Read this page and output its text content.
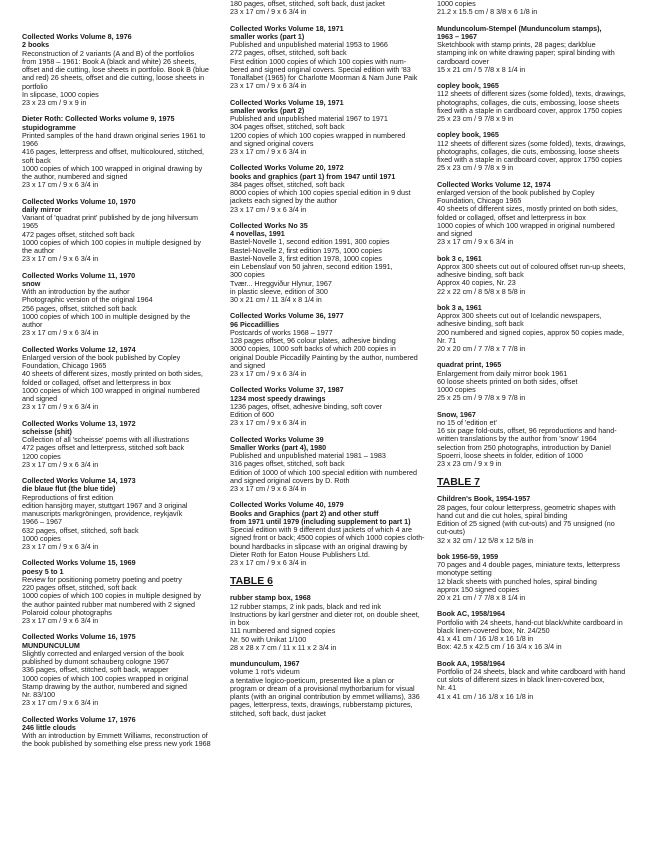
Collected Works Volume 8, 1976
2 books
Reconstruction of 2 variants (A and B) of the portfolios
from 1958 – 1961: Book A (black and white) 26 sheets,
offset and die cutting, lose sheets in portfolio. Book B (blue
and red) 26 sheets, offset and die cutting, loose sheets in
portfolio
In slipcase, 1000 copies
23 x 23 cm / 9 x 9 in
Dieter Roth: Collected Works volume 9, 1975
stupidogramme
Printed samples of the hand drawn original series 1961 to
1966
416 pages, letterpress and offset, multicoloured, stitched,
soft back
1000 copies of which 100 wrapped in original drawing by
the author, numbered and signed
23 x 17 cm / 9 x 6 3/4 in
Collected Works Volume 10, 1970
daily mirror
Variant of 'quadrat print' published by de jong hilversum
1965
472 pages offset, stitched soft back
1000 copies of which 100 copies in multiple designed by
the author
23 x 17 cm / 9 x 6 3/4 in
Collected Works Volume 11, 1970
snow
With an introduction by the author
Photographic version of the original 1964
256 pages, offset, stitched soft back
1000 copies of which 100 in multiple designed by the
author
23 x 17 cm / 9 x 6 3/4 in
Collected Works Volume 12, 1974
Enlarged version of the book published by Copley
Foundation, Chicago 1965
40 sheets of different sizes, mostly printed on both sides,
folded or collaged, offset and letterpress in box
1000 copies of which 100 wrapped in original numbered
and signed
23 x 17 cm / 9 x 6 3/4 in
Collected Works Volume 13, 1972
scheisse (shit)
Collection of all 'scheisse' poems with all illustrations
472 pages offset and letterpress, stitched soft back
1200 copies
23 x 17 cm / 9 x 6 3/4 in
Collected Works Volume 14, 1973
die blaue flut (the blue tide)
Reproductions of first edition
edition hansjörg mayer, stuttgart 1967 and 3 original
manuscripts markgröningen, providence, reykjavík
1966 – 1967
632 pages, offset, stitched, soft back
1000 copies
23 x 17 cm / 9 x 6 3/4 in
Collected Works Volume 15, 1969
poesy 5 to 1
Review for positioning pometry poeting and poetry
220 pages offset, stitched, soft back
1000 copies of which 100 copies in multiple designed by
the author painted rubber mat numbered with 2 signed
Polaroid colour photographs
23 x 17 cm / 9 x 6 3/4 in
Collected Works Volume 16, 1975
MUNDUNCULUM
Slightly corrected and enlarged version of the book
published by dumont schauberg cologne 1967
336 pages, offset, stitched, soft back, wrapper
1000 copies of which 100 copies wrapped in original
Stamp drawing by the author, numbered and signed
Nr. 83/100
23 x 17 cm / 9 x 6 3/4 in
Collected Works Volume 17, 1976
246 little clouds
With an introduction by Emmett Williams, reconstruction of
the book published by something else press new york 1968
180 pages, offset, stitched, soft back, dust jacket
23 x 17 cm / 9 x 6 3/4 in
Collected Works Volume 18, 1971
smaller works (part 1)
Published and unpublished material 1953 to 1966
272 pages, offset, stitched, soft back
First edition 1000 copies of which 100 copies with num-
bered and signed original covers. Special edition with '83
Tonalfabet (1965) for Charlotte Moorman & Nam June Paik
23 x 17 cm / 9 x 6 3/4 in
Collected Works Volume 19, 1971
smaller works (part 2)
Published and unpublished material 1967 to 1971
304 pages offset, stitched, soft back
1200 copies of which 100 copies wrapped in numbered
and signed original covers
23 x 17 cm / 9 x 6 3/4 in
Collected Works Volume 20, 1972
books and graphics (part 1) from 1947 until 1971
384 pages offset, stitched, soft back
8000 copies of which 100 copies special edition in 9 dust
jackets each signed by the author
23 x 17 cm / 9 x 6 3/4 in
Collected Works No 35
4 novellas, 1991
Bastel-Novelle 1, second edition 1991, 300 copies
Bastel-Novelle 2, first edition 1975, 1000 copies
Bastel-Novelle 3, first edition 1978, 1000 copies
ein Lebenslauf von 50 jahren, second edition 1991,
300 copies
Tvær... Hreggviður Hlynur, 1967
in plastic sleeve, edition of 300
30 x 21 cm / 11 3/4 x 8 1/4 in
Collected Works Volume 36, 1977
96 Piccadillies
Postcards of works 1968 – 1977
128 pages offset, 96 colour plates, adhesive binding
3000 copies, 1000 soft backs of which 200 copies in
original Double Piccadilly Painting by the author, numbered
and signed
23 x 17 cm / 9 x 6 3/4 in
Collected Works Volume 37, 1987
1234 most speedy drawings
1236 pages, offset, adhesive binding, soft cover
Edition of 600
23 x 17 cm / 9 x 6 3/4 in
Collected Works Volume 39
Smaller Works (part 4), 1980
Published and unpublished material 1981 – 1983
316 pages offset, stitched, soft back
Edition of 1000 of which 100 special edition with numbered
and signed original covers by D. Roth
23 x 17 cm / 9 x 6 3/4 in
Collected Works Volume 40, 1979
Books and Graphics (part 2) and other stuff
from 1971 until 1979 (including supplement to part 1)
Special edition with 9 different dust jackets of which 4 are
signed front or back; 4500 copies of which 1000 copies cloth-
bound hardbacks in slipcase with an original drawing by
Dieter Roth for Eaton House Publishers Ltd.
23 x 17 cm / 9 x 6 3/4 in
TABLE 6
rubber stamp box, 1968
12 rubber stamps, 2 ink pads, black and red ink
Instructions by karl gerstner and dieter rot, on double sheet,
in box
111 numbered and signed copies
Nr. 50 with Unikat 1/100
28 x 28 x 7 cm / 11 x 11 x 2 3/4 in
mundunculum, 1967
volume 1 rot's videum
a tentative logico-poeticum, presented like a plan or
program or dream of a provisional mythorbarium for visual
plants (with an original contribution by emmet williams), 336
pages, letterpress, texts, drawings, rubberstamp pictures,
stitched, soft back, dust jacket
1000 copies
21.2 x 15.5 cm / 8 3/8 x 6 1/8 in
Munduncolum-Stempel (Munduncolum stamps),
1963 – 1967
Sketchbook with stamp prints, 28 pages; darkblue
stamping ink on white drawing paper; spiral binding with
cardboard cover
15 x 21 cm / 5 7/8 x 8 1/4 in
copley book, 1965
112 sheets of different sizes (some folded), texts, drawings,
photographs, collages, die cuts, embossing, loose sheets
fixed with a staple in cardboard cover, approx 1750 copies
25 x 23 cm / 9 7/8 x 9 in
copley book, 1965
112 sheets of different sizes (some folded), texts, drawings,
photographs, collages, die cuts, embossing, loose sheets
fixed with a staple in cardboard cover, approx 1750 copies
25 x 23 cm / 9 7/8 x 9 in
Collected Works Volume 12, 1974
enlarged version of the book published by Copley
Foundation, Chicago 1965
40 sheets of different sizes, mostly printed on both sides,
folded or collaged, offset and letterpress in box
1000 copies of which 100 wrapped in original numbered
and signed
23 x 17 cm / 9 x 6 3/4 in
bok 3 c, 1961
Approx 300 sheets cut out of coloured offset run-up sheets,
adhesive binding, soft back
Approx 40 copies, Nr. 23
22 x 22 cm / 8 5/8 x 8 5/8 in
bok 3 a, 1961
Approx 300 sheets cut out of Icelandic newspapers,
adhesive binding, soft back
200 numbered and signed copies, approx 50 copies made,
Nr. 71
20 x 20 cm / 7 7/8 x 7 7/8 in
quadrat print, 1965
Enlargement from daily mirror book 1961
60 loose sheets printed on both sides, offset
1000 copies
25 x 25 cm / 9 7/8 x 9 7/8 in
Snow, 1967
no 15 of 'edition et'
16 six page fold-outs, offset, 96 reproductions and hand-
written translations by the author from 'snow' 1964
selection from 250 photographs, introduction by Daniel
Spoerri, loose sheets in folder, edition of 1000
23 x 23 cm / 9 x 9 in
TABLE 7
Children's Book, 1954-1957
28 pages, four colour letterpress, geometric shapes with
hand cut and die cut holes, spiral binding
Edition of 25 signed (with cut-outs) and 75 unsigned (no
cut-outs)
32 x 32 cm / 12 5/8 x 12 5/8 in
bok 1956-59, 1959
70 pages and 4 double pages, miniature texts, letterpress
monotype setting
12 black sheets with punched holes, spiral binding
approx 150 signed copies
20 x 21 cm / 7 7/8 x 8 1/4 in
Book AC, 1958/1964
Portfolio with 24 sheets, hand-cut black/white cardboard in
black linen-covered box, Nr. 24/250
41 x 41 cm / 16 1/8 x 16 1/8 in
Box: 42.5 x 42.5 cm / 16 3/4 x 16 3/4 in
Book AA, 1958/1964
Portfolio of 24 sheets, black and white cardboard with hand
cut slots of different sizes in black linen-covered box,
Nr. 41
41 x 41 cm / 16 1/8 x 16 1/8 in
